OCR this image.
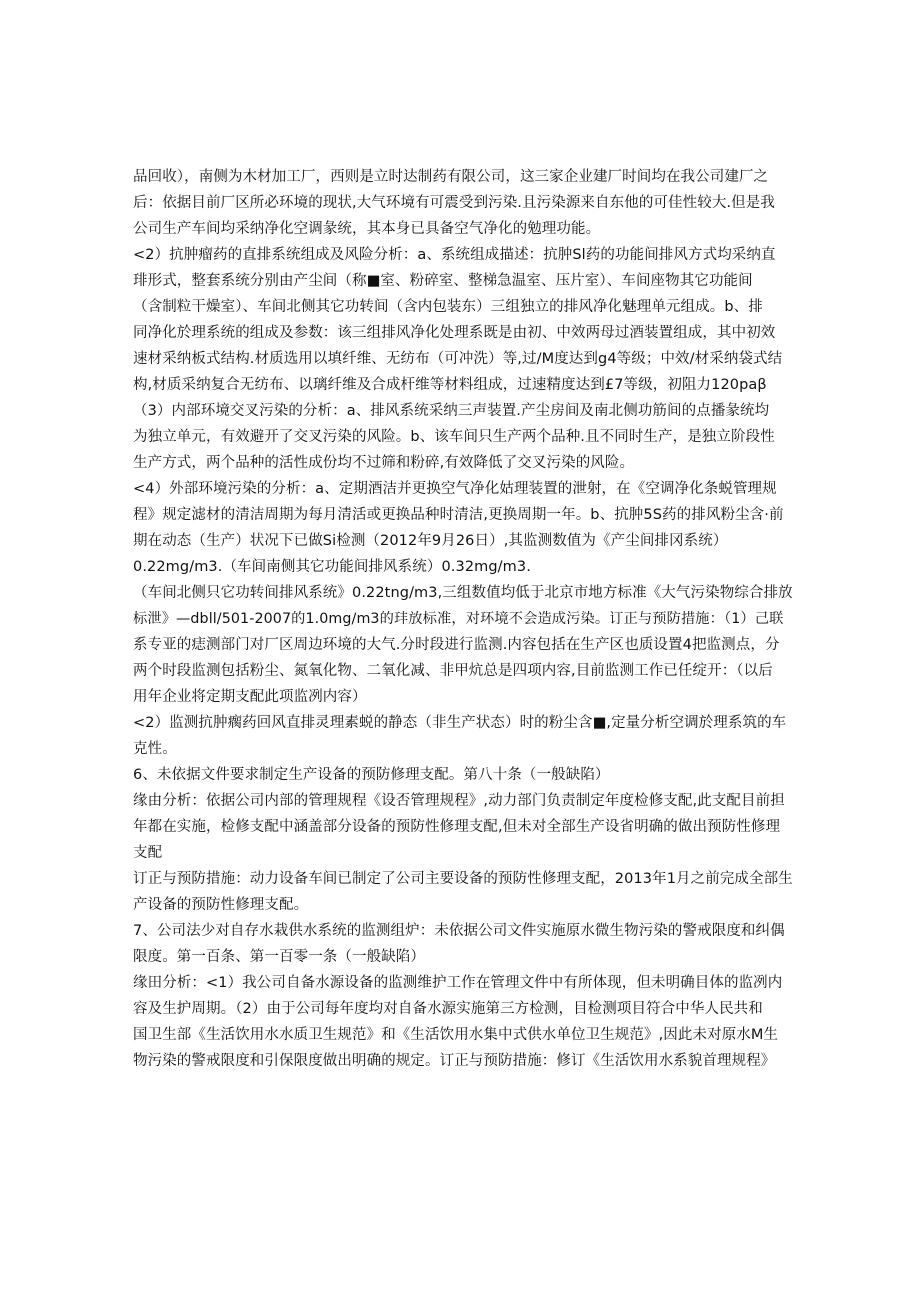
品回收），南侧为木材加工厂，西则是立时达制药有限公司，这三家企业建厂时间均在我公司建厂之
后：依据目前厂区所必环境的现状,大气环境有可震受到污染.且污染源来自东他的可佳性较大.但是我
公司生产车间均采纳净化空调彖统，其本身已具备空气净化的勉理功能。
<2）抗肿瘤药的直排系统组成及风险分析：a、系统组成描述：抗肿Sl药的功能间排风方式均采纳直
琲形式，整套系统分别由产尘间（称■室、粉碎室、整梯急温室、压片室）、车间座物其它功能间
（含制粒干燥室）、车间北侧其它功转间（含内包装东）三组独立的排风净化魅理单元组成。b、排
同净化於理系统的组成及参数：该三组排风净化处理系既是由初、中效两母过酒装置组成，其中初效
速材采纳板式结构.材质选用以填纤维、无纺布（可冲洗）等,过/M度达到g4等级；中效/材采纳袋式结
构,材质采纳复合无纺布、以璃纤维及合成杆维等材料组成，过速精度达到£7等级，初阻力120paβ
（3）内部环境交叉污染的分析：a、排风系统采纳三声装置.产尘房间及南北侧功筋间的点播彖统均
为独立单元，有效避开了交叉污染的风险。b、该车间只生产两个品种.且不同时生产，是独立阶段性
生产方式，两个品种的活性成份均不过筛和粉碎,有效降低了交叉污染的风险。
<4）外部环境污染的分析：a、定期酒洁并更换空气净化姑理装置的泄射，在《空调净化条蜕管理规
程》规定滤材的清洁周期为每月清活或更换品种时清洁,更换周期一年。b、抗肿5S药的排风粉尘含·前
期在动态（生产）状况下已做Si检测（2012年9月26日）,其监测数值为《产尘间排冈系统）
0.22mg∕m3.（车间南侧其它功能间排风系统）0.32mg∕m3.
（车间北侧只它功转间排风系统》0.22tng∕m3,三组数值均低于北京市地方标准《大气污染物综合排放
标泄》—dbll/501-2007的1.0mg∕m3的玤放标准，对环境不会造成污染。订正与预防措施：（1）己联
系专亚的痣测部门对厂区周边环境的大气.分时段进行监测.内容包括在生产区也质设置4把监测点，分
两个时段监测包括粉尘、氮氧化物、二氧化减、非甲炕总是四项内容,目前监测工作已任绽开：（以后
用年企业将定期支配此项监冽内容）
<2）监测抗肿瘸药回风直排灵理素蜕的静态（非生产状态）时的粉尘含■,定量分析空调於理系筑的车
克性。
6、未依据文件要求制定生产设备的预防修理支配。第八十条（一般缺陷）
缘由分析：依据公司内部的管理规程《设否管理规程》,动力部门负责制定年度检修支配,此支配目前担
年都在实施，检修支配中涵盖部分设备的预防性修理支配,但未对全部生产设省明确的做出预防性修理
支配
订正与预防措施：动力设备车间已制定了公司主要设备的预防性修理支配，2013年1月之前完成全部生
产设备的预防性修理支配。
7、公司法少对自存水栽供水系统的监测组炉：未依据公司文件实施原水微生物污染的警戒限度和纠偶
限度。第一百条、第一百零一条（一般缺陷）
缘田分析：<1）我公司自备水源设备的监测维护工作在管理文件中有所体现，但未明确目体的监冽内
容及生护周期。（2）由于公司每年度均对自备水源实施第三方检测，目检测项目符合中华人民共和
国卫生部《生活饮用水水质卫生规范》和《生活饮用水集中式供水单位卫生规范》,因此未对原水M生
物污染的警戒限度和引保限度做出明确的规定。订正与预防措施：修订《生活饮用水系貌首理规程》
